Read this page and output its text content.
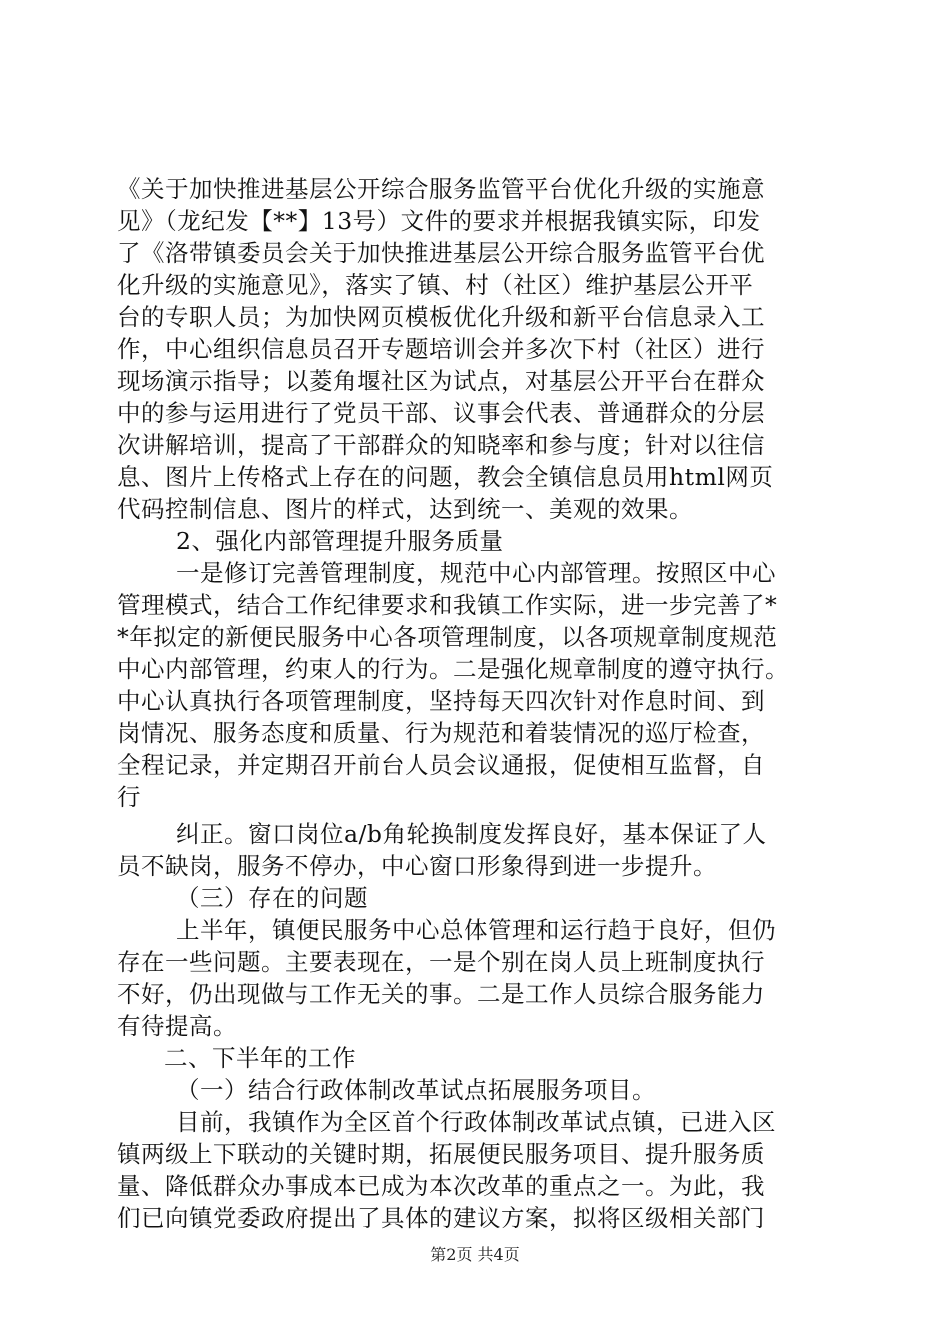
《关于加快推进基层公开综合服务监管平台优化升级的实施意
见》（龙纪发【**】13号）文件的要求并根据我镇实际，印发
了《洛带镇委员会关于加快推进基层公开综合服务监管平台优
化升级的实施意见》，落实了镇、村（社区）维护基层公开平
台的专职人员；为加快网页模板优化升级和新平台信息录入工
作，中心组织信息员召开专题培训会并多次下村（社区）进行
现场演示指导；以菱角堰社区为试点，对基层公开平台在群众
中的参与运用进行了党员干部、议事会代表、普通群众的分层
次讲解培训，提高了干部群众的知晓率和参与度；针对以往信
息、图片上传格式上存在的问题，教会全镇信息员用html网页
代码控制信息、图片的样式，达到统一、美观的效果。
2、强化内部管理提升服务质量
一是修订完善管理制度，规范中心内部管理。按照区中心
管理模式，结合工作纪律要求和我镇工作实际，进一步完善了*
*年拟定的新便民服务中心各项管理制度，以各项规章制度规范
中心内部管理，约束人的行为。二是强化规章制度的遵守执行。
中心认真执行各项管理制度，坚持每天四次针对作息时间、到
岗情况、服务态度和质量、行为规范和着装情况的巡厅检查，
全程记录，并定期召开前台人员会议通报，促使相互监督，自
行
纠正。窗口岗位a/b角轮换制度发挥良好，基本保证了人
员不缺岗，服务不停办，中心窗口形象得到进一步提升。
（三）存在的问题
上半年，镇便民服务中心总体管理和运行趋于良好，但仍
存在一些问题。主要表现在，一是个别在岗人员上班制度执行
不好，仍出现做与工作无关的事。二是工作人员综合服务能力
有待提高。
二、下半年的工作
（一）结合行政体制改革试点拓展服务项目。
目前，我镇作为全区首个行政体制改革试点镇，已进入区
镇两级上下联动的关键时期，拓展便民服务项目、提升服务质
量、降低群众办事成本已成为本次改革的重点之一。为此，我
们已向镇党委政府提出了具体的建议方案，拟将区级相关部门
第2页 共4页
